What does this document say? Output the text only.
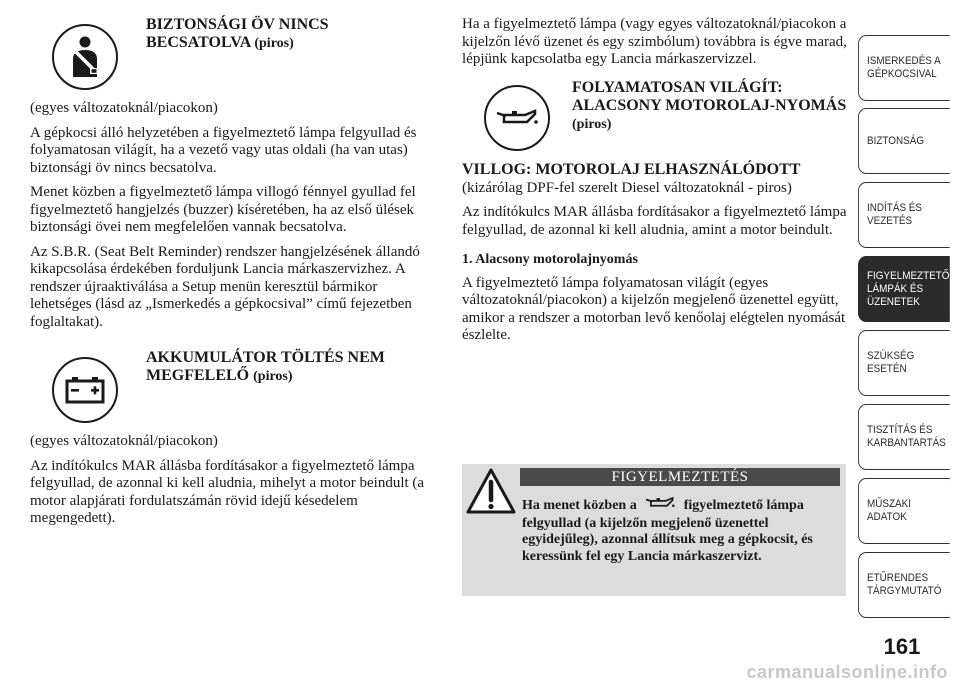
BIZTONSÁGI ÖV NINCS BECSATOLVA (piros)

(egyes változatoknál/piacokon)

A gépkocsi álló helyzetében a figyelmeztető lámpa felgyullad és folyamatosan világít, ha a vezető vagy utas oldali (ha van utas) biztonsági öv nincs becsatolva.

Menet közben a figyelmeztető lámpa villogó fénnyel gyullad fel figyelmeztető hangjelzés (buzzer) kíséretében, ha az első ülések biztonsági övei nem megfelelően vannak becsatolva.

Az S.B.R. (Seat Belt Reminder) rendszer hangjelzésének állandó kikapcsolása érdekében forduljunk Lancia márkaszervizhez. A rendszer újraaktiválása a Setup menün keresztül bármikor lehetséges (lásd az „Ismerkedés a gépkocsival” című fejezetben foglaltakat).

AKKUMULÁTOR TÖLTÉS NEM MEGFELELŐ (piros)

(egyes változatoknál/piacokon)

Az indítókulcs MAR állásba fordításakor a figyelmeztető lámpa felgyullad, de azonnal ki kell aludnia, mihelyt a motor beindult (a motor alapjárati fordulatszámán rövid idejű késedelem megengedett).

Ha a figyelmeztető lámpa (vagy egyes változatoknál/piacokon a kijelzőn lévő üzenet és egy szimbólum) továbbra is égve marad, lépjünk kapcsolatba egy Lancia márkaszervizzel.

FOLYAMATOSAN VILÁGÍT: ALACSONY MOTOROLAJ-NYOMÁS (piros)
VILLOG: MOTOROLAJ ELHASZNÁLÓDOTT

(kizárólag DPF-fel szerelt Diesel változatoknál - piros)

Az indítókulcs MAR állásba fordításakor a figyelmeztető lámpa felgyullad, de azonnal ki kell aludnia, amint a motor beindult.

1. Alacsony motorolajnyomás

A figyelmeztető lámpa folyamatosan világít (egyes változatoknál/piacokon) a kijelzőn megjelenő üzenettel együtt, amikor a rendszer a motorban levő kenőolaj elégtelen nyomását észlelte.

FIGYELMEZTETÉS
Ha menet közben a	figyelmeztető lámpa felgyullad (a kijelzőn megjelenő üzenettel egyidejűleg), azonnal állítsuk meg a gépkocsit, és keressünk fel egy Lancia márkaszervizt.
ISMERKEDÉS A GÉPKOCSIVAL
BIZTONSÁG
INDÍTÁS ÉS VEZETÉS
FIGYELMEZTETŐ LÁMPÁK ÉS ÜZENETEK
SZÜKSÉG ESETÉN
TISZTÍTÁS ÉS KARBANTARTÁS
MŰSZAKI ADATOK
ETŰRENDES TÁRGYMUTATÓ
161
carmanualsonline.info
